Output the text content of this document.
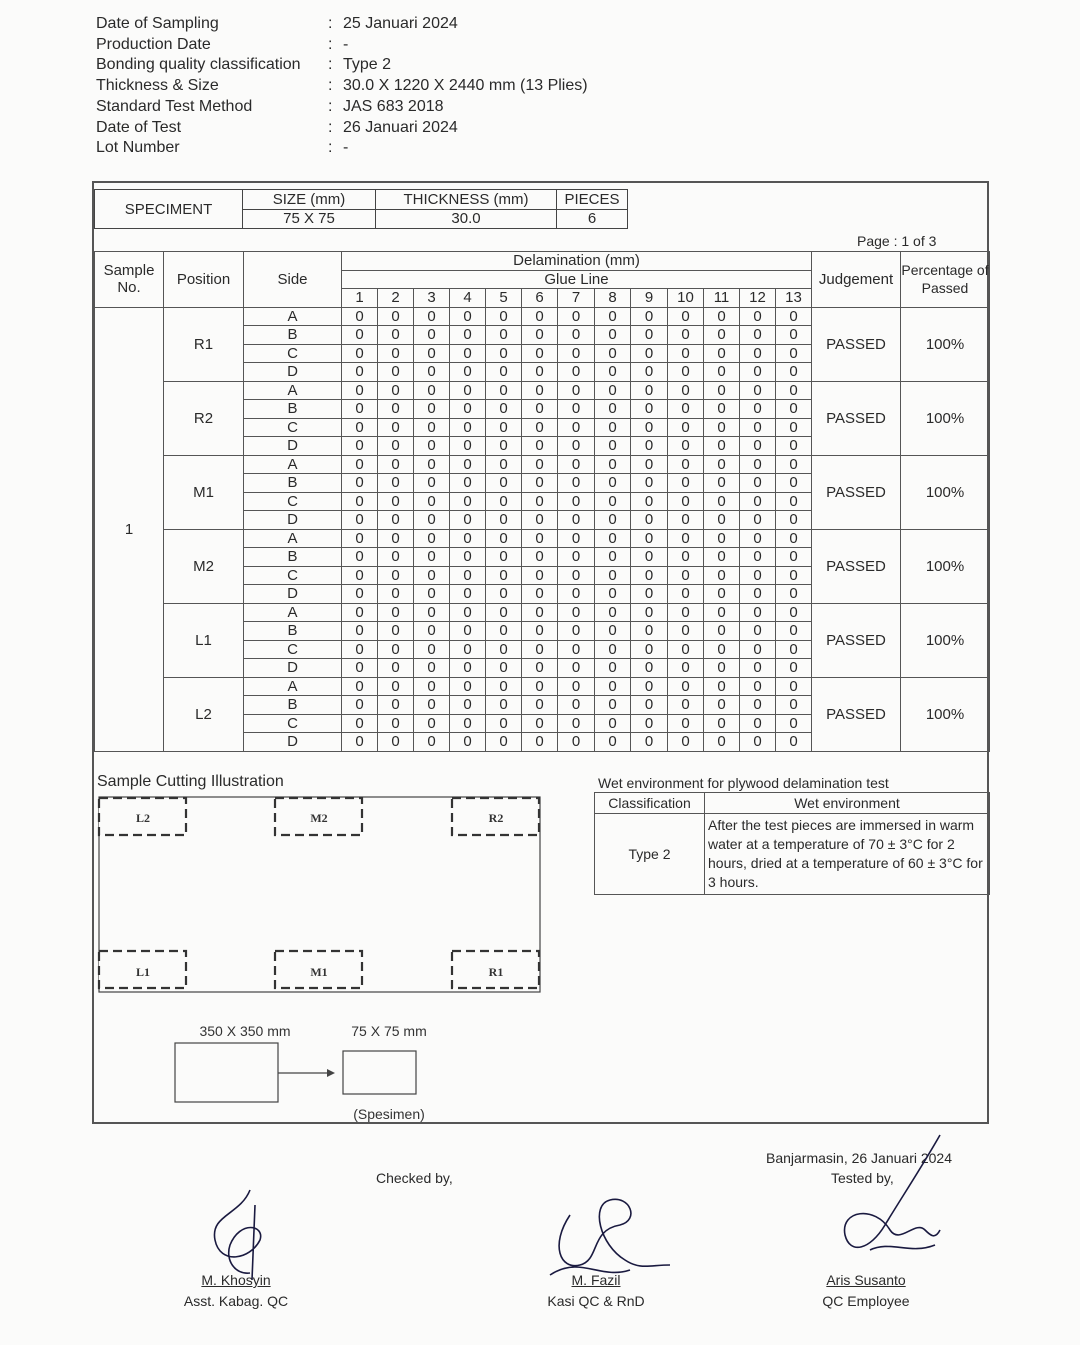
Date of Sampling	: 25 Januari 2024
Production Date	: -
Bonding quality classification : Type 2
Thickness & Size	: 30.0 X 1220 X 2440 mm (13 Plies)
Standard Test Method	: JAS 683 2018
Date of Test	: 26 Januari 2024
Lot Number	: -
SPECIMENT	SIZE (mm)	THICKNESS (mm)	PIECES
	75 X 75	30.0	6
Page : 1 of 3
Sample No.	Position	Side	Delamination (mm)													Judgement	Percentage of Passed
			Glue Line														
			1	2	3	4	5	6	7	8	9	10	11	12	13		
1	R1	A	0	0	0	0	0	0	0	0	0	0	0	0	0	PASSED	100%
		B	0	0	0	0	0	0	0	0	0	0	0	0	0		
		C	0	0	0	0	0	0	0	0	0	0	0	0	0		
		D	0	0	0	0	0	0	0	0	0	0	0	0	0		
	R2	A	0	0	0	0	0	0	0	0	0	0	0	0	0	PASSED	100%
		B	0	0	0	0	0	0	0	0	0	0	0	0	0		
		C	0	0	0	0	0	0	0	0	0	0	0	0	0		
		D	0	0	0	0	0	0	0	0	0	0	0	0	0		
	M1	A	0	0	0	0	0	0	0	0	0	0	0	0	0	PASSED	100%
		B	0	0	0	0	0	0	0	0	0	0	0	0	0		
		C	0	0	0	0	0	0	0	0	0	0	0	0	0		
		D	0	0	0	0	0	0	0	0	0	0	0	0	0		
	M2	A	0	0	0	0	0	0	0	0	0	0	0	0	0	PASSED	100%
		B	0	0	0	0	0	0	0	0	0	0	0	0	0		
		C	0	0	0	0	0	0	0	0	0	0	0	0	0		
		D	0	0	0	0	0	0	0	0	0	0	0	0	0		
	L1	A	0	0	0	0	0	0	0	0	0	0	0	0	0	PASSED	100%
		B	0	0	0	0	0	0	0	0	0	0	0	0	0		
		C	0	0	0	0	0	0	0	0	0	0	0	0	0		
		D	0	0	0	0	0	0	0	0	0	0	0	0	0		
	L2	A	0	0	0	0	0	0	0	0	0	0	0	0	0	PASSED	100%
		B	0	0	0	0	0	0	0	0	0	0	0	0	0		
		C	0	0	0	0	0	0	0	0	0	0	0	0	0		
		D	0	0	0	0	0	0	0	0	0	0	0	0	0		
Sample Cutting Illustration
L2	M2	R2
L1	M1	R1
350 X 350 mm	75 X 75 mm
(Spesimen)
Wet environment for plywood delamination test
Classification	Wet environment
Type 2	After the test pieces are immersed in warm water at a temperature of 70 ± 3°C for 2 hours, dried at a temperature of 60 ± 3°C for 3 hours.
Banjarmasin, 26 Januari 2024
Tested by,
Checked by,
M. Khosyin
Asst. Kabag. QC
M. Fazil
Kasi QC & RnD
Aris Susanto
QC Employee
